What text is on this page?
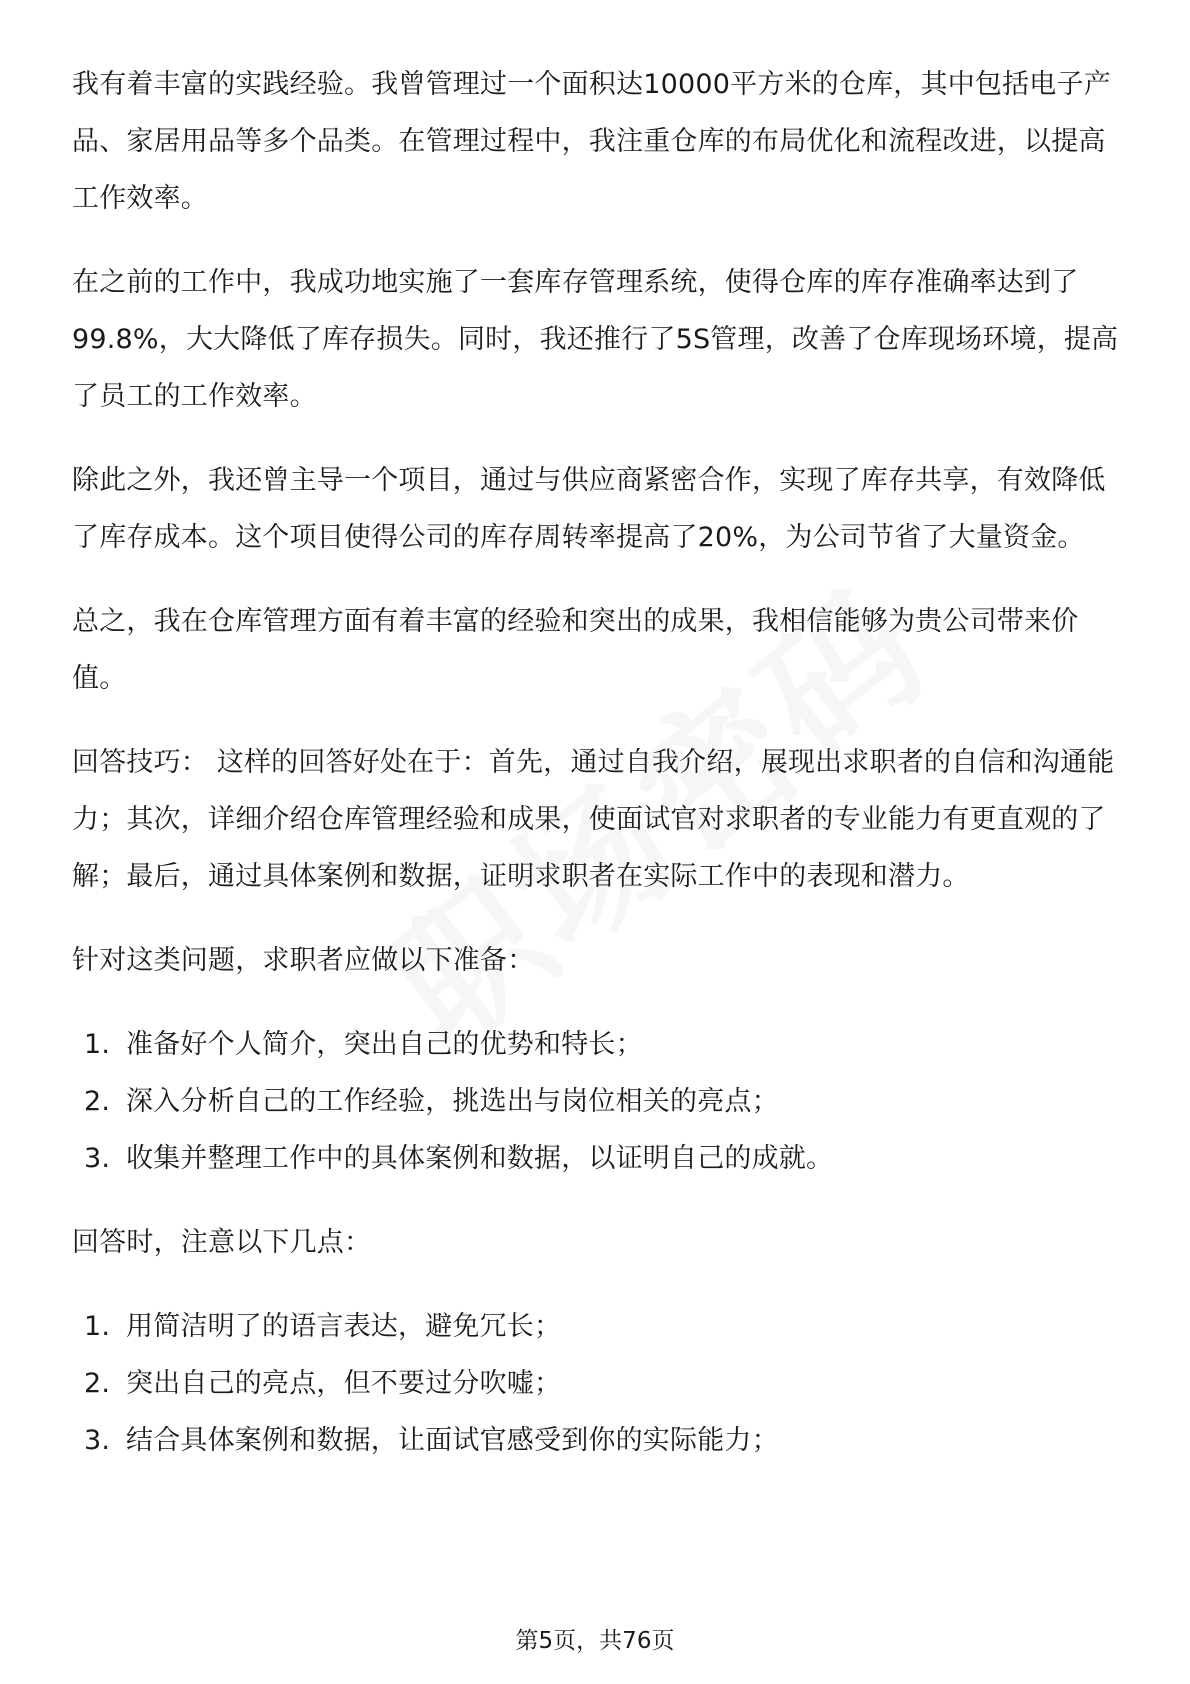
我有着丰富的实践经验。我曾管理过一个面积达10000平方米的仓库，其中包括电子产品、家居用品等多个品类。在管理过程中，我注重仓库的布局优化和流程改进，以提高工作效率。

在之前的工作中，我成功地实施了一套库存管理系统，使得仓库的库存准确率达到了99.8%，大大降低了库存损失。同时，我还推行了5S管理，改善了仓库现场环境，提高了员工的工作效率。

除此之外，我还曾主导一个项目，通过与供应商紧密合作，实现了库存共享，有效降低了库存成本。这个项目使得公司的库存周转率提高了20%，为公司节省了大量资金。

总之，我在仓库管理方面有着丰富的经验和突出的成果，我相信能够为贵公司带来价值。

回答技巧： 这样的回答好处在于：首先，通过自我介绍，展现出求职者的自信和沟通能力；其次，详细介绍仓库管理经验和成果，使面试官对求职者的专业能力有更直观的了解；最后，通过具体案例和数据，证明求职者在实际工作中的表现和潜力。

针对这类问题，求职者应做以下准备：

1. 准备好个人简介，突出自己的优势和特长；
2. 深入分析自己的工作经验，挑选出与岗位相关的亮点；
3. 收集并整理工作中的具体案例和数据，以证明自己的成就。

回答时，注意以下几点：

1. 用简洁明了的语言表达，避免冗长；
2. 突出自己的亮点，但不要过分吹嘘；
3. 结合具体案例和数据，让面试官感受到你的实际能力；
第5页，共76页
